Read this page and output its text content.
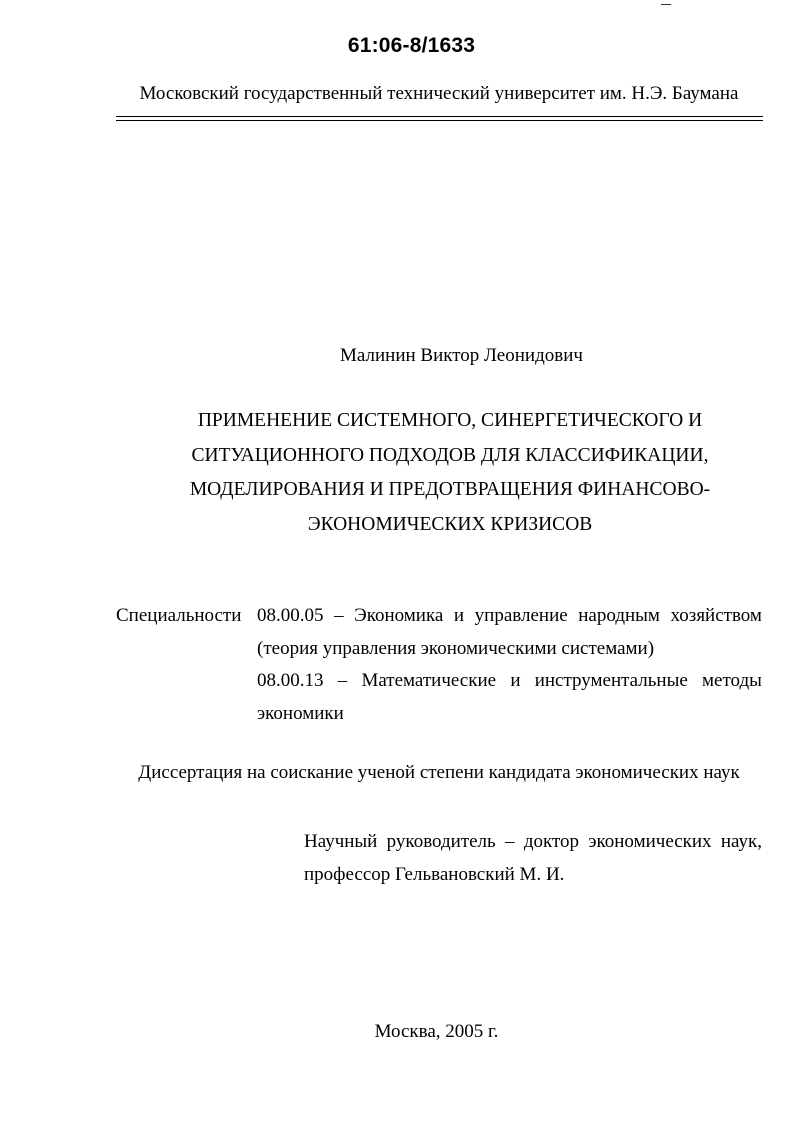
61:06-8/1633
Московский государственный технический университет им. Н.Э. Баумана
Малинин Виктор Леонидович
ПРИМЕНЕНИЕ СИСТЕМНОГО, СИНЕРГЕТИЧЕСКОГО И
СИТУАЦИОННОГО ПОДХОДОВ ДЛЯ КЛАССИФИКАЦИИ,
МОДЕЛИРОВАНИЯ И ПРЕДОТВРАЩЕНИЯ ФИНАНСОВО-
ЭКОНОМИЧЕСКИХ КРИЗИСОВ
Специальности 08.00.05 – Экономика и управление народным хозяйством
(теория управления экономическими системами)
08.00.13 – Математические и инструментальные методы
экономики
Диссертация на соискание ученой степени кандидата экономических наук
Научный руководитель – доктор экономических наук,
профессор Гельвановский М. И.
Москва, 2005 г.
